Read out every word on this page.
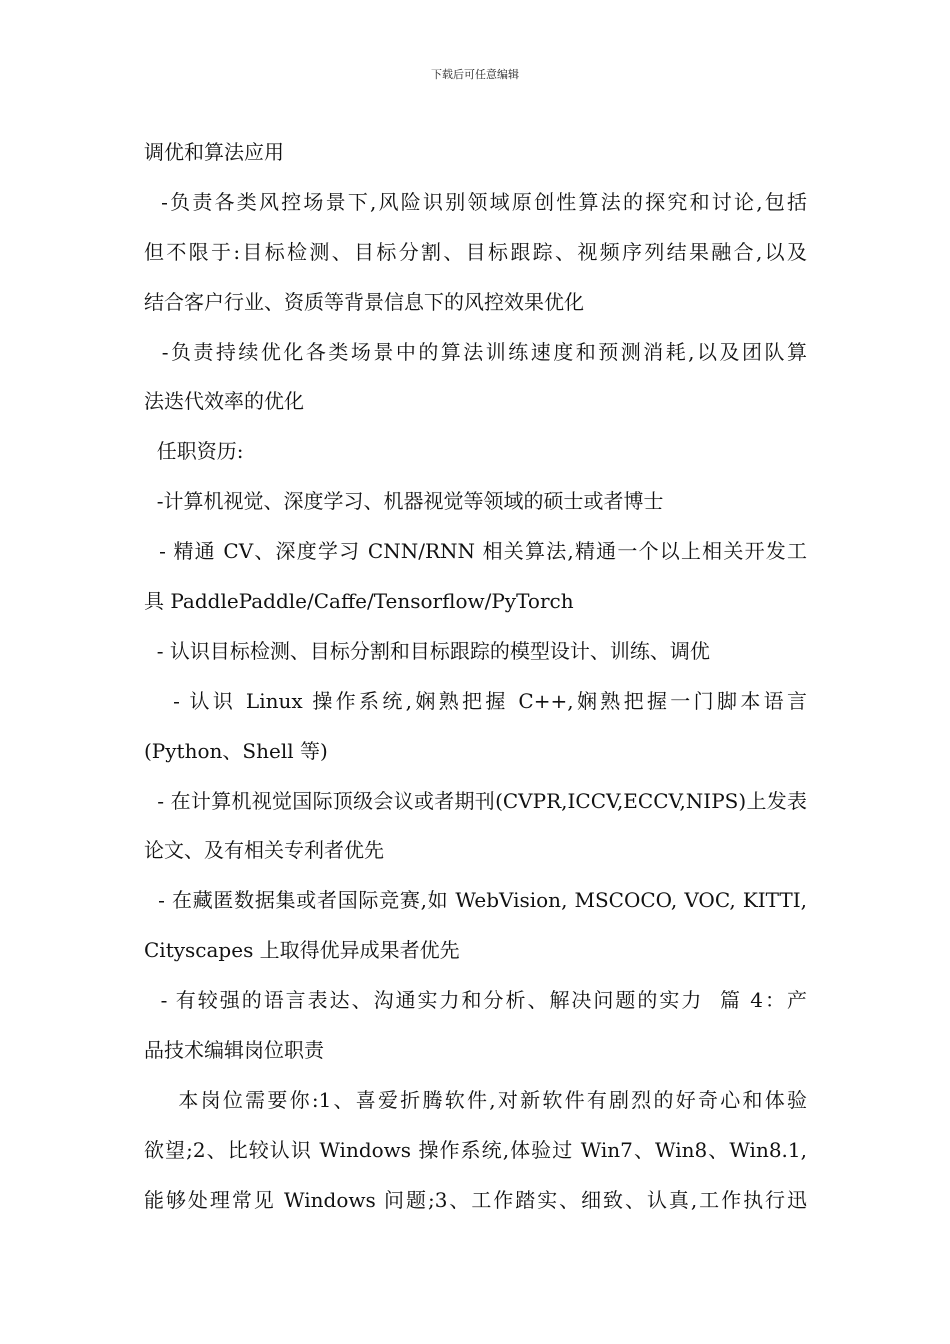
下载后可任意编辑
调优和算法应用
-负责各类风控场景下,风险识别领域原创性算法的探究和讨论,包括
但不限于:目标检测、目标分割、目标跟踪、视频序列结果融合,以及
结合客户行业、资质等背景信息下的风控效果优化
-负责持续优化各类场景中的算法训练速度和预测消耗,以及团队算
法迭代效率的优化
任职资历:
-计算机视觉、深度学习、机器视觉等领域的硕士或者博士
- 精通 CV、深度学习 CNN/RNN 相关算法,精通一个以上相关开发工
具 PaddlePaddle/Caffe/Tensorflow/PyTorch
- 认识目标检测、目标分割和目标跟踪的模型设计、训练、调优
- 认识 Linux 操作系统,娴熟把握 C++,娴熟把握一门脚本语言
(Python、Shell 等)
- 在计算机视觉国际顶级会议或者期刊(CVPR,ICCV,ECCV,NIPS)上发表
论文、及有相关专利者优先
- 在藏匿数据集或者国际竞赛,如 WebVision, MSCOCO, VOC, KITTI,
Cityscapes 上取得优异成果者优先
- 有较强的语言表达、沟通实力和分析、解决问题的实力  篇 4：产
品技术编辑岗位职责
本岗位需要你:1、喜爱折腾软件,对新软件有剧烈的好奇心和体验
欲望;2、比较认识 Windows 操作系统,体验过 Win7、Win8、Win8.1,
能够处理常见 Windows 问题;3、工作踏实、细致、认真,工作执行迅
